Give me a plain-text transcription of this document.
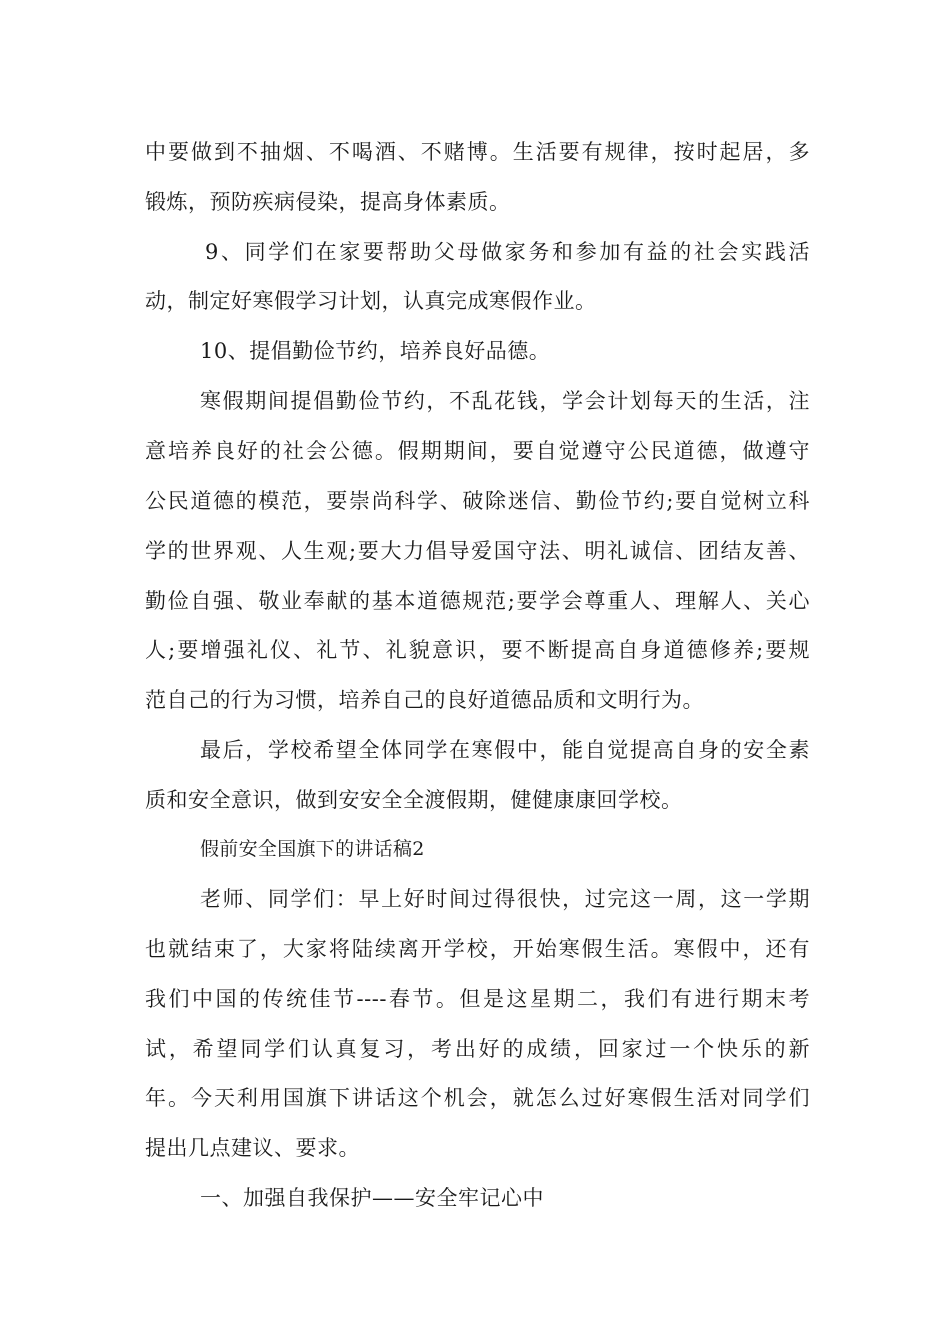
中要做到不抽烟、不喝酒、不赌博。生活要有规律，按时起居，多
锻炼，预防疾病侵染，提高身体素质。
9、同学们在家要帮助父母做家务和参加有益的社会实践活
动，制定好寒假学习计划，认真完成寒假作业。
10、提倡勤俭节约，培养良好品德。
寒假期间提倡勤俭节约，不乱花钱，学会计划每天的生活，注
意培养良好的社会公德。假期期间，要自觉遵守公民道德，做遵守
公民道德的模范，要崇尚科学、破除迷信、勤俭节约;要自觉树立科
学的世界观、人生观;要大力倡导爱国守法、明礼诚信、团结友善、
勤俭自强、敬业奉献的基本道德规范;要学会尊重人、理解人、关心
人;要增强礼仪、礼节、礼貌意识，要不断提高自身道德修养;要规
范自己的行为习惯，培养自己的良好道德品质和文明行为。
最后，学校希望全体同学在寒假中，能自觉提高自身的安全素
质和安全意识，做到安安全全渡假期，健健康康回学校。
假前安全国旗下的讲话稿2
老师、同学们：早上好时间过得很快，过完这一周，这一学期
也就结束了，大家将陆续离开学校，开始寒假生活。寒假中，还有
我们中国的传统佳节----春节。但是这星期二，我们有进行期末考
试，希望同学们认真复习，考出好的成绩，回家过一个快乐的新
年。今天利用国旗下讲话这个机会，就怎么过好寒假生活对同学们
提出几点建议、要求。
一、加强自我保护——安全牢记心中
